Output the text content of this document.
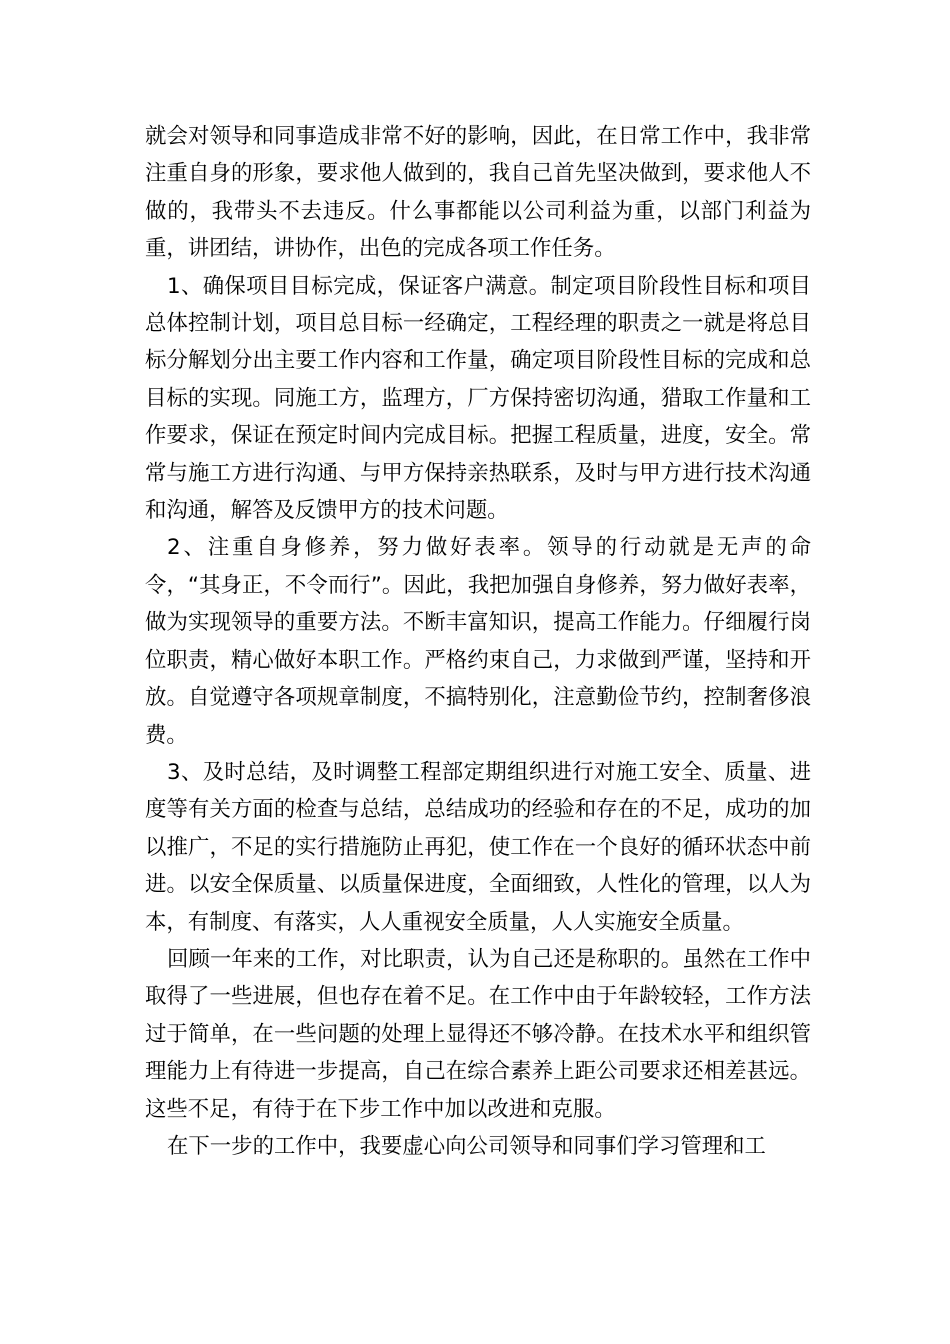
就会对领导和同事造成非常不好的影响，因此，在日常工作中，我非常注重自身的形象，要求他人做到的，我自己首先坚决做到，要求他人不做的，我带头不去违反。什么事都能以公司利益为重，以部门利益为重，讲团结，讲协作，出色的完成各项工作任务。

1、确保项目目标完成，保证客户满意。制定项目阶段性目标和项目总体控制计划，项目总目标一经确定，工程经理的职责之一就是将总目标分解划分出主要工作内容和工作量，确定项目阶段性目标的完成和总目标的实现。同施工方，监理方，厂方保持密切沟通，猎取工作量和工作要求，保证在预定时间内完成目标。把握工程质量，进度，安全。常常与施工方进行沟通、与甲方保持亲热联系，及时与甲方进行技术沟通和沟通，解答及反馈甲方的技术问题。

2、注重自身修养，努力做好表率。领导的行动就是无声的命令，“其身正，不令而行”。因此，我把加强自身修养，努力做好表率，做为实现领导的重要方法。不断丰富知识，提高工作能力。仔细履行岗位职责，精心做好本职工作。严格约束自己，力求做到严谨，坚持和开放。自觉遵守各项规章制度，不搞特别化，注意勤俭节约，控制奢侈浪费。

3、及时总结，及时调整工程部定期组织进行对施工安全、质量、进度等有关方面的检查与总结，总结成功的经验和存在的不足，成功的加以推广，不足的实行措施防止再犯，使工作在一个良好的循环状态中前进。以安全保质量、以质量保进度，全面细致，人性化的管理，以人为本，有制度、有落实，人人重视安全质量，人人实施安全质量。

回顾一年来的工作，对比职责，认为自己还是称职的。虽然在工作中取得了一些进展，但也存在着不足。在工作中由于年龄较轻，工作方法过于简单，在一些问题的处理上显得还不够冷静。在技术水平和组织管理能力上有待进一步提高，自己在综合素养上距公司要求还相差甚远。这些不足，有待于在下步工作中加以改进和克服。

在下一步的工作中，我要虚心向公司领导和同事们学习管理和工
